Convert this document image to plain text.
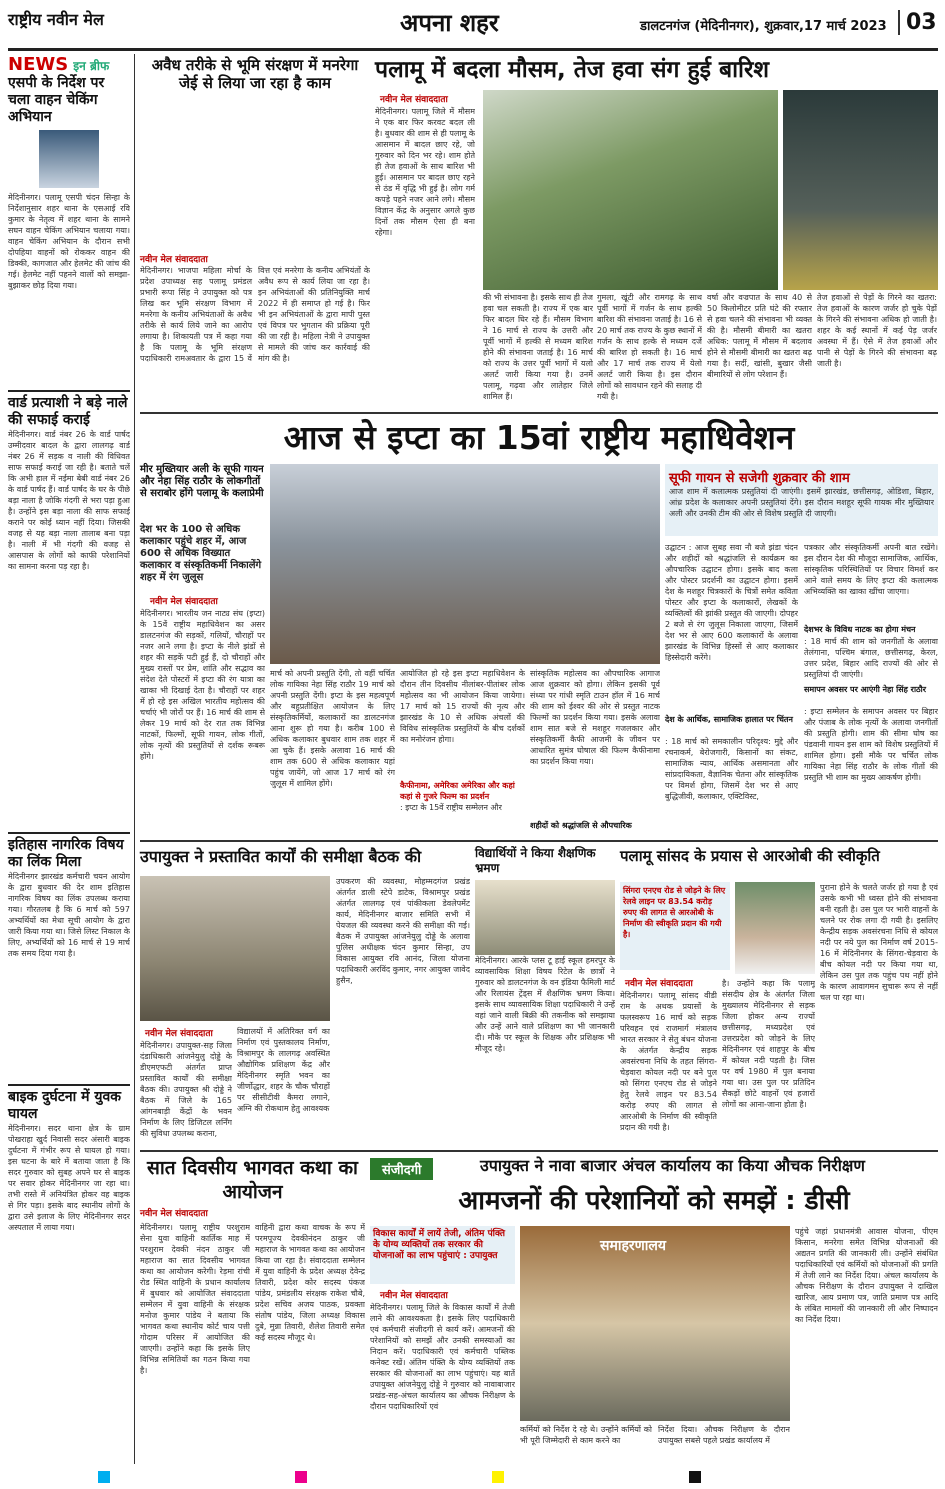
राष्ट्रीय नवीन मेल	अपना शहर	डालटनगंज (मेदिनीनगर), शुक्रवार,17 मार्च 2023 03
NEWS इन ब्रीफ
एसपी के निर्देश पर चला वाहन चेकिंग अभियान
मेदिनीनगर। पलामू एसपी चंदन सिन्हा के निर्देशानुसार शहर थाना के एसआई रवि कुमार के नेतृत्व में शहर थाना के सामने सघन वाहन चेकिंग अभियान चलाया गया। वाहन चेकिंग अभियान के दौरान सभी दोपहिया वाहनों को रोककर वाहन की डिक्की, कागजात और हेलमेट की जांच की गई। हेलमेट नहीं पहनने वालों को समझा-बुझाकर छोड़ दिया गया।
वार्ड प्रत्याशी ने बड़े नाले की सफाई कराई
मेदिनीनगर। वार्ड नंबर 26 के वार्ड पार्षद उम्मीदवार बादल के द्वारा लालगढ़ वार्ड नंबर 26 में सड़क व नाली की विधिवत साफ सफाई कराई जा रही है। बताते चलें कि अभी हाल में नईमा बेबी वार्ड नंबर 26 के वार्ड पार्षद हैं। वार्ड पार्षद के घर के पीछे बड़ा नाला है जोकि गंदगी से भरा पड़ा हुआ है। उन्होंने इस बड़ा नाला की साफ सफाई कराने पर कोई ध्यान नहीं दिया। जिसकी वजह से यह बड़ा नाला तालाब बना पड़ा है। नाली में भी गंदगी की वजह से आसपास के लोगों को काफी परेशानियों का सामना करना पड़ रहा है।
इतिहास नागरिक विषय का लिंक मिला
मेदिनीनगर झारखंड कर्मचारी चयन आयोग के द्वारा बुधवार की देर शाम इतिहास नागरिक विषय का लिंक उपलब्ध कराया गया। गौरतलब है कि 6 मार्च को 597 अभ्यर्थियों का मेधा सूची आयोग के द्वारा जारी किया गया था। जिसे लिस्ट निकाल के लिए, अभ्यर्थियों को 16 मार्च से 19 मार्च तक समय दिया गया है।
बाइक दुर्घटना में युवक घायल
मेदिनीनगर। सदर थाना क्षेत्र के ग्राम पोखराहा खुर्द निवासी सदर अंसारी बाइक दुर्घटना में गंभीर रूप से घायल हो गया। इस घटना के बारे में बताया जाता है कि सदर गुरुवार को सुबह अपने घर से बाइक पर सवार होकर मेदिनीनगर जा रहा था। तभी रास्ते में अनियंत्रित होकर वह बाइक से गिर पड़ा। इसके बाद स्थानीय लोगों के द्वारा उसे इलाज के लिए मेदिनीनगर सदर अस्पताल में लाया गया।
अवैध तरीके से भूमि संरक्षण में मनरेगा जेई से लिया जा रहा है काम
नवीन मेल संवाददाता
मेदिनीनगर। भाजपा महिला मोर्चा के प्रदेश उपाध्यक्ष सह पलामू प्रमंडल प्रभारी रूपा सिंह ने उपायुक्त को पत्र लिख कर भूमि संरक्षण विभाग में मनरेगा के कनीय अभियंताओं के अवैध तरीके से कार्य लिये जाने का आरोप लगाया है। शिकायती पत्र में कहा गया है कि पलामू के भूमि संरक्षण पदाधिकारी रामअवतार के द्वारा 15 वें वित्त एवं मनरेगा के कनीय अभियंतों के अवैध रूप से कार्य लिया जा रहा है। इन अभियंताओं की प्रतिनियुक्ति मार्च 2022 में ही समाप्त हो गई है। फिर भी इन अभियंताओं के द्वारा मापी पुस्त एवं विपत्र पर भुगतान की प्रक्रिया पूरी की जा रही है। महिला नेत्री ने उपायुक्त से मामले की जांच कर कार्रवाई की मांग की है।
पलामू में बदला मौसम, तेज हवा संग हुई बारिश
नवीन मेल संवाददाता
मेदिनीनगर। पलामू जिले में मौसम ने एक बार फिर करवट बदल ली है। बुधवार की शाम से ही पलामू के आसमान में बादल छाए रहे, जो गुरुवार को दिन भर रहे। शाम होते ही तेज हवाओं के साथ बारिश भी हुई। आसमान पर बादल छाए रहने से ठंड में वृद्धि भी हुई है। लोग गर्म कपड़े पहने नजर आने लगे। मौसम विज्ञान केंद्र के अनुसार अगले कुछ दिनों तक मौसम ऐसा ही बना रहेगा।
की भी संभावना है। इसके साथ ही तेज हवा चल सकती है। राज्य में एक बार फिर बादल घिर रहे हैं। मौसम विभाग ने 16 मार्च से राज्य के उत्तरी और पूर्वी भागों में हल्की से मध्यम बारिश होने की संभावना जताई है। 16 मार्च को राज्य के उत्तर पूर्वी भागों में यलो अलर्ट जारी किया गया है। उनमें पलामू, गढ़वा और लातेहार जिले शामिल हैं।
गुमला, खूंटी और रामगढ़ के साथ पूर्वी भागों में गर्जन के साथ हल्की बारिश की संभावना जताई है। 16 से 20 मार्च तक राज्य के कुछ स्थानों में गर्जन के साथ हल्के से मध्यम दर्जे की बारिश हो सकती है। 16 मार्च और 17 मार्च तक राज्य में येलो अलर्ट जारी किया है। इस दौरान लोगों को सावधान रहने की सलाह दी गयी है।
वर्षा और वज्रपात के साथ 40 से 50 किलोमीटर प्रति घंटे की रफ्तार से हवा चलने की संभावना भी व्यक्त की है। मौसमी बीमारी का खतरा अधिक: पलामू में मौसम में बदलाव होने से मौसमी बीमारी का खतरा बढ़ गया है। सर्दी, खांसी, बुखार जैसी बीमारियों से लोग परेशान हैं।
तेज हवाओं से पेड़ों के गिरने का खतरा: तेज हवाओं के कारण जर्जर हो चुके पेड़ों के गिरने की संभावना अधिक हो जाती है। शहर के कई स्थानों में कई पेड़ जर्जर अवस्था में हैं। ऐसे में तेज हवाओं और पानी से पेड़ों के गिरने की संभावना बढ़ जाती है।
आज से इप्टा का 15वां राष्ट्रीय महाधिवेशन
मीर मुख्तियार अली के सूफी गायन और नेहा सिंह राठौर के लोकगीतों से सराबोर होंगे पलामू के कलाप्रेमी
देश भर के 100 से अधिक कलाकार पहुंचे शहर में, आज 600 से अधिक विख्यात कलाकार व संस्कृतिकर्मी निकालेंगे शहर में रंग जुलूस
नवीन मेल संवाददाता
मेदिनीनगर। भारतीय जन नाट्य संघ (इप्टा) के 15वें राष्ट्रीय महाधिवेशन का असर डालटनगंज की सड़कों, गलियों, चौराहों पर नजर आने लगा है। इप्टा के नीले झंडों से शहर की सड़कें पटी हुई हैं, दो चौराहों और मुख्य रास्तों पर प्रेम, शांति और सद्भाव का संदेश देते पोस्टरों में इप्टा की रंग यात्रा का खाका भी दिखाई देता है। चौराहों पर शहर में हो रहे इस अखिल भारतीय महोत्सव की चर्चाएं भी जोरों पर हैं। 16 मार्च की शाम से लेकर 19 मार्च को देर रात तक विभिन्न नाटकों, फिल्मों, सूफी गायन, लोक गीतों, लोक नृत्यों की प्रस्तुतियों से दर्शक रूबरू होंगे।
मार्च को अपनी प्रस्तुति देंगी, तो वहीं चर्चित लोक गायिका नेहा सिंह राठौर 19 मार्च को अपनी प्रस्तुति देंगी। इप्टा के इस महत्वपूर्ण और बहुप्रतीक्षित आयोजन के लिए संस्कृतिकर्मियों, कलाकारों का डालटनगंज आना शुरू हो गया है। करीब 100 से अधिक कलाकार बुधवार शाम तक शहर में आ चुके हैं। इसके अलावा 16 मार्च की शाम तक 600 से अधिक कलाकार यहां पहुंच जायेंगे, जो आज 17 मार्च को रंग जुलूस में शामिल होंगे।
आयोजित हो रहे इस इप्टा महाधिवेशन के दौरान तीन दिवसीय नीलांबर-पीतांबर लोक महोत्सव का भी आयोजन किया जायेगा। 17 मार्च को 15 राज्यों की नृत्य और झारखंड के 10 से अधिक अंचलों की विविध सांस्कृतिक प्रस्तुतियों के बीच दर्शकों का मनोरंजन होगा।
कैफीनामा, अमेरिका अमेरिका और कहां कहां से गुजरे फिल्म का प्रदर्शन
: इप्टा के 15वें राष्ट्रीय सम्मेलन और
सांस्कृतिक महोत्सव का औपचारिक आगाज आज शुक्रवार को होगा। लेकिन इसकी पूर्व संध्या पर गांधी स्मृति टाउन हॉल में 16 मार्च की शाम को ईश्वर की ओर से प्रस्तुत नाटक फिल्मों का प्रदर्शन किया गया। इसके अलावा शाम सात बजे से मशहूर गजलकार और संस्कृतिकर्मी कैफी आजमी के जीवन पर आधारित सुमंत्र घोषाल की फिल्म कैफीनामा का प्रदर्शन किया गया।
शहीदों को श्रद्धांजलि से औपचारिक
सूफी गायन से सजेगी शुक्रवार की शाम
आज शाम में कलात्मक प्रस्तुतियां दी जाएंगी। इसमें झारखंड, छत्तीसगढ़, ओडिशा, बिहार, आंध्र प्रदेश के कलाकार अपनी प्रस्तुतियां देंगे। इस दौरान मशहूर सूफी गायक मीर मुख्तियार अली और उनकी टीम की ओर से विशेष प्रस्तुति दी जाएगी।
उद्घाटन : आज सुबह सवा नौ बजे झंडा चंदन और शहीदों को श्रद्धांजलि से कार्यक्रम का औपचारिक उद्घाटन होगा। इसके बाद कला और पोस्टर प्रदर्शनी का उद्घाटन होगा। इसमें देश के मशहूर चित्रकारों के चित्रों समेत कविता पोस्टर और इप्टा के कलाकारों, लेखकों के व्यक्तित्वों की झांकी प्रस्तुत की जाएगी। दोपहर 2 बजे से रंग जुलूस निकाला जाएगा, जिसमें देश भर से आए 600 कलाकारों के अलावा झारखंड के विभिन्न हिस्सों से आए कलाकार हिस्सेदारी करेंगे।
देश के आर्थिक, सामाजिक हालात पर चिंतन
: 18 मार्च को समकालीन परिदृश्य: मुद्दे और रचनाकर्म, बेरोजगारी, किसानों का संकट, सामाजिक न्याय, आर्थिक असमानता और सांप्रदायिकता, वैज्ञानिक चेतना और सांस्कृतिक पर विमर्श होगा, जिसमें देश भर से आए बुद्धिजीवी, कलाकार, एक्टिविस्ट,
पत्रकार और संस्कृतिकर्मी अपनी बात रखेंगे। इस दौरान देश की मौजूदा सामाजिक, आर्थिक, सांस्कृतिक परिस्थितियों पर विचार विमर्श कर आने वाले समय के लिए इप्टा की कलात्मक अभिव्यक्ति का खाका खींचा जाएगा।
देशभर के विविध नाटक का होगा मंचन
: 18 मार्च की शाम को जनगीतों के अलावा तेलंगाना, पश्चिम बंगाल, छत्तीसगढ़, केरल, उत्तर प्रदेश, बिहार आदि राज्यों की ओर से प्रस्तुतियां दी जाएंगी।
समापन अवसर पर आएंगी नेहा सिंह राठौर
: इप्टा सम्मेलन के समापन अवसर पर बिहार और पंजाब के लोक नृत्यों के अलावा जनगीतों की प्रस्तुति होगी। शाम की सीमा घोष का पंडवानी गायन इस शाम को विशेष प्रस्तुतियों में शामिल होगा। इसी मौके पर चर्चित लोक गायिका नेहा सिंह राठौर के लोक गीतों की प्रस्तुति भी शाम का मुख्य आकर्षण होगी।
उपायुक्त ने प्रस्तावित कार्यों की समीक्षा बैठक की
नवीन मेल संवाददाता
मेदिनीनगर। उपायुक्त-सह जिला दंडाधिकारी आंजनेयुलु दोड्डे के डीएमएफटी अंतर्गत प्राप्त प्रस्तावित कार्यों की समीक्षा बैठक की। उपायुक्त श्री दोड्डे ने बैठक में जिले के 165 आंगनबाड़ी केंद्रों के भवन निर्माण के लिए डिजिटल लर्निंग की सुविधा उपलब्ध कराना,
विद्यालयों में अतिरिक्त वर्ग का निर्माण एवं पुस्तकालय निर्माण, विश्रामपुर के लालगढ़ अवस्थित औद्योगिक प्रशिक्षण केंद्र और मेदिनीनगर स्मृति भवन का जीर्णोद्धार, शहर के चौक चौराहों पर सीसीटीवी कैमरा लगाने, अग्नि की रोकथाम हेतु आवश्यक
उपकरण की व्यवस्था, मोहम्मदगंज प्रखंड अंतर्गत डाली स्टेपे डाटेक, विश्रामपुर प्रखंड अंतर्गत लालगढ़ एवं पांकीकला डेवलेपमेंट कार्य, मेदिनीनगर बाजार समिति सभी में पेयजल की व्यवस्था करने की समीक्षा की गई। बैठक में उपायुक्त आंजनेयुलु दोड्डे के अलावा पुलिस अधीक्षक चंदन कुमार सिन्हा, उप विकास आयुक्त रवि आनंद, जिला योजना पदाधिकारी अरविंद कुमार, नगर आयुक्त जावेद हुसैन,
विद्यार्थियों ने किया शैक्षणिक भ्रमण
मेदिनीनगर। आरके प्लस टू हाई स्कूल हमरपुर के व्यावसायिक शिक्षा विषय रिटेल के छात्रों ने गुरुवार को डालटनगंज के वन इंडिया फैमिली मार्ट और रिलायंस ट्रेंड्स में शैक्षणिक भ्रमण किया। इसके साथ व्यावसायिक शिक्षा पदाधिकारी ने उन्हें वहां जाने वाली बिक्री की तकनीक को समझाया और उन्हें आने वाले प्रशिक्षण का भी जानकारी दी। मौके पर स्कूल के शिक्षक और प्रशिक्षक भी मौजूद रहे।
पलामू सांसद के प्रयास से आरओबी की स्वीकृति
सिंगरा एनएच रोड से जोड़ने के लिए रेलवे लाइन पर 83.54 करोड़ रुपए की लागत से आरओबी के निर्माण की स्वीकृति प्रदान की गयी है।
नवीन मेल संवाददाता
मेदिनीनगर। पलामू सांसद वीडी राम के अथक प्रयासों के फलस्वरूप 16 मार्च को सड़क परिवहन एवं राजमार्ग मंत्रालय भारत सरकार ने सेतु बंधन योजना के अंतर्गत केन्द्रीय सड़क अवसंरचना निधि के तहत सिंगरा-चेड़वारा कोयल नदी पर बने पुल को सिंगरा एनएच रोड से जोड़ने हेतु रेलवे लाइन पर 83.54 करोड़ रुपए की लागत से आरओबी के निर्माण की स्वीकृति प्रदान की गयी है।
है। उन्होंने कहा कि पलामू संसदीय क्षेत्र के अंतर्गत जिला मुख्यालय मेदिनीनगर से सड़क जिला होकर अन्य राज्यों छत्तीसगढ़, मध्यप्रदेश एवं उत्तरप्रदेश को जोड़ने के लिए मेदिनीनगर एवं शाहपुर के बीच में कोयल नदी पड़ती है। जिस पर वर्ष 1980 में पुल बनाया गया था। उस पुल पर प्रतिदिन सैकड़ों छोटे वाहनों एवं हजारों लोगों का आना-जाना होता है।
पुराना होने के चलते जर्जर हो गया है एवं उसके कभी भी ध्वस्त होने की संभावना बनी रहती है। उस पुल पर भारी वाहनों के चलने पर रोक लगा दी गयी है। इसलिए केन्द्रीय सड़क अवसंरचना निधि से कोयल नदी पर नये पुल का निर्माण वर्ष 2015-16 में मेदिनीनगर के सिंगरा-चेड़वारा के बीच कोयल नदी पर किया गया था, लेकिन उस पुल तक पहुंच पथ नहीं होने के कारण आवागमन सुचारू रूप से नहीं चल पा रहा था।
सात दिवसीय भागवत कथा का आयोजन
नवीन मेल संवाददाता
मेदिनीनगर। पलामू राष्ट्रीय परशुराम सेना युवा वाहिनी कार्तिक माह में परशुराम देवकी नंदन ठाकुर जी महाराज का सात दिवसीय भागवत कथा का आयोजन करेगी। रेड़मा रांची रोड स्थित वाहिनी के प्रधान कार्यालय में बुधवार को आयोजित संवाददाता सम्मेलन में युवा वाहिनी के संरक्षक मनोज कुमार पांडेय ने बताया कि भागवत कथा स्थानीय कोर्ट चाय पत्ती गोदाम परिसर में आयोजित की जाएगी। उन्होंने कहा कि इसके लिए विभिन्न समितियों का गठन किया गया है।
वाहिनी द्वारा कथा वाचक के रूप में परमपूज्य देवकीनंदन ठाकुर जी महाराज के भागवत कथा का आयोजन किया जा रहा है। संवाददाता सम्मेलन में युवा वाहिनी के प्रदेश अध्यक्ष देवेन्द्र तिवारी, प्रदेश कोर सदस्य पंकज पांडेय, प्रमंडलीय संरक्षक राकेश चौबे, प्रदेश सचिव अजय पाठक, प्रवक्ता संतोष पांडेय, जिला अध्यक्ष विकास दुबे, मुन्ना तिवारी, शैलेश तिवारी समेत कई सदस्य मौजूद थे।
संजीदगी	उपायुक्त ने नावा बाजार अंचल कार्यालय का किया औचक निरीक्षण
आमजनों की परेशानियों को समझें : डीसी
विकास कार्यों में लायें तेजी, अंतिम पंक्ति के योग्य व्यक्तियों तक सरकार की योजनाओं का लाभ पहुंचाएं : उपायुक्त
नवीन मेल संवाददाता
मेदिनीनगर। पलामू जिले के विकास कार्यों में तेजी लाने की आवश्यकता है। इसके लिए पदाधिकारी एवं कर्मचारी संजीदगी से कार्य करें। आमजनों की परेशानियों को समझें और उनकी समस्याओं का निदान करें। पदाधिकारी एवं कर्मचारी पब्लिक कनेक्ट रखें। अंतिम पंक्ति के योग्य व्यक्तियों तक सरकार की योजनाओं का लाभ पहुंचाएं। यह बातें उपायुक्त आंजनेयुलु दोड्डे ने गुरुवार को नावाबाजार प्रखंड-सह-अंचल कार्यालय का औचक निरीक्षण के दौरान पदाधिकारियों एवं
समाहरणालय
कर्मियों को निर्देश दे रहे थे। उन्होंने कर्मियों को भी पूरी जिम्मेदारी से काम करने का
निर्देश दिया। औचक निरीक्षण के दौरान उपायुक्त सबसे पहले प्रखंड कार्यालय में
पहुंचे जहां प्रधानमंत्री आवास योजना, पीएम किसान, मनरेगा समेत विभिन्न योजनाओं की अद्यतन प्रगति की जानकारी ली। उन्होंने संबंधित पदाधिकारियों एवं कर्मियों को योजनाओं की प्रगति में तेजी लाने का निर्देश दिया। अंचल कार्यालय के औचक निरीक्षण के दौरान उपायुक्त ने दाखिल खारिज, आय प्रमाण पत्र, जाति प्रमाण पत्र आदि के लंबित मामलों की जानकारी ली और निष्पादन का निर्देश दिया।
